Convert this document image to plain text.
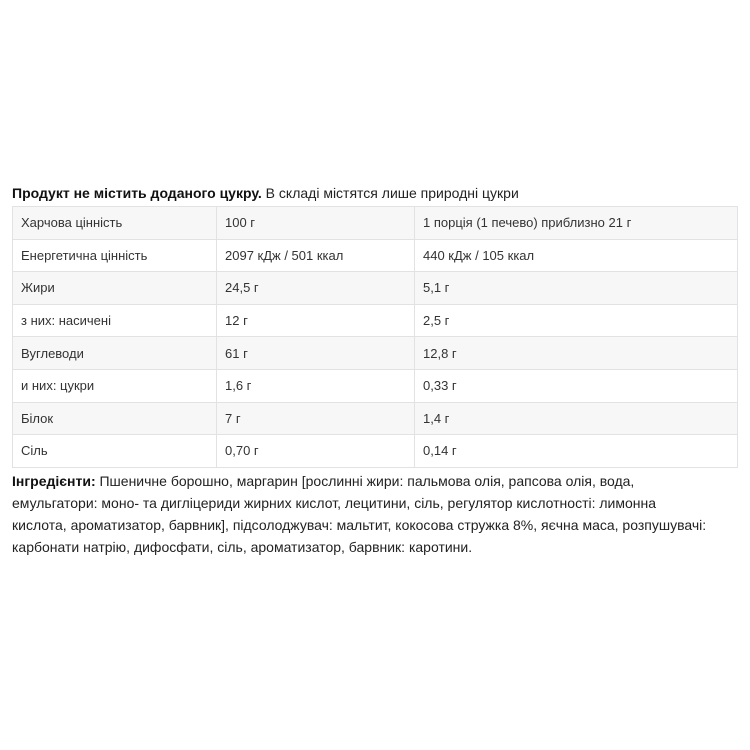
Продукт не містить доданого цукру. В складі містятся лише природні цукри

Харчова цінність	100 г	1 порція (1 печево) приблизно 21 г
Енергетична цінність	2097 кДж / 501 ккал	440 кДж / 105 ккал
Жири	24,5 г	5,1 г
з них: насичені	12 г	2,5 г
Вуглеводи	61 г	12,8 г
и них: цукри	1,6 г	0,33 г
Білок	7 г	1,4 г
Сіль	0,70 г	0,14 г
Інгредієнти: Пшеничне борошно, маргарин [рослинні жири: пальмова олія, рапсова олія, вода,
емульгатори: моно- та дигліцериди жирних кислот, лецитини, сіль, регулятор кислотності: лимонна
кислота, ароматизатор, барвник], підсолоджувач: мальтит, кокосова стружка 8%, яєчна маса, розпушувачі:
карбонати натрію, дифосфати, сіль, ароматизатор, барвник: каротини.
